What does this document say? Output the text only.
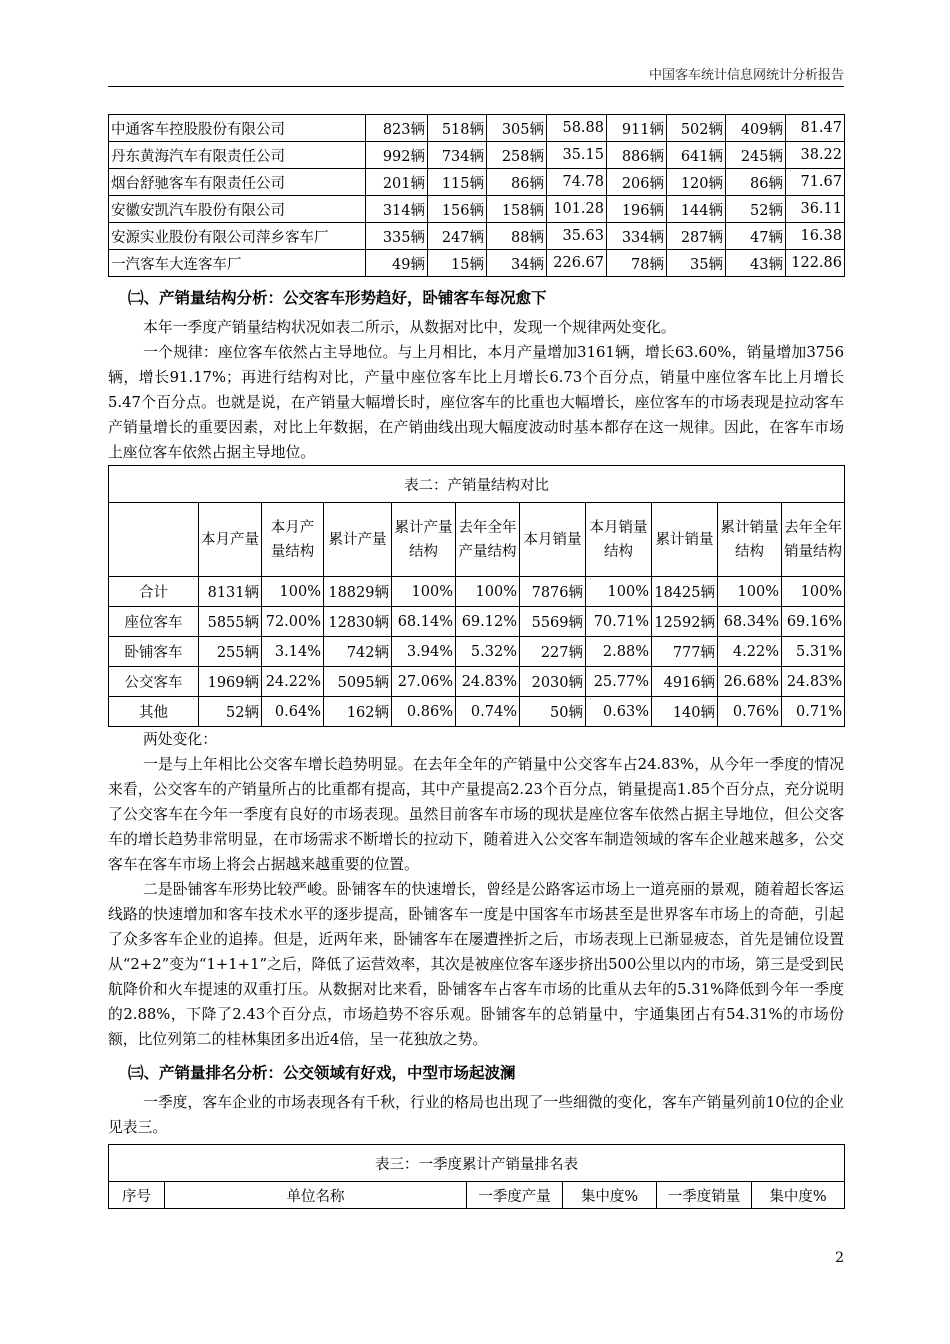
中国客车统计信息网统计分析报告
中通客车控股股份有限公司	823辆	518辆	305辆	58.88	911辆	502辆	409辆	81.47
丹东黄海汽车有限责任公司	992辆	734辆	258辆	35.15	886辆	641辆	245辆	38.22
烟台舒驰客车有限责任公司	201辆	115辆	86辆	74.78	206辆	120辆	86辆	71.67
安徽安凯汽车股份有限公司	314辆	156辆	158辆	101.28	196辆	144辆	52辆	36.11
安源实业股份有限公司萍乡客车厂	335辆	247辆	88辆	35.63	334辆	287辆	47辆	16.38
一汽客车大连客车厂	49辆	15辆	34辆	226.67	78辆	35辆	43辆	122.86
㈡、产销量结构分析：公交客车形势趋好，卧铺客车每况愈下

本年一季度产销量结构状况如表二所示，从数据对比中，发现一个规律两处变化。

一个规律：座位客车依然占主导地位。与上月相比，本月产量增加3161辆，增长63.60%，销量增加3756辆，增长91.17%；再进行结构对比，产量中座位客车比上月增长6.73个百分点，销量中座位客车比上月增长5.47个百分点。也就是说，在产销量大幅增长时，座位客车的比重也大幅增长，座位客车的市场表现是拉动客车产销量增长的重要因素，对比上年数据，在产销曲线出现大幅度波动时基本都存在这一规律。因此，在客车市场上座位客车依然占据主导地位。

表二：产销量结构对比										
	本月产量	本月产量结构	累计产量	累计产量结构	去年全年产量结构	本月销量	本月销量结构	累计销量	累计销量结构	去年全年销量结构
合计	8131辆	100%	18829辆	100%	100%	7876辆	100%	18425辆	100%	100%
座位客车	5855辆	72.00%	12830辆	68.14%	69.12%	5569辆	70.71%	12592辆	68.34%	69.16%
卧铺客车	255辆	3.14%	742辆	3.94%	5.32%	227辆	2.88%	777辆	4.22%	5.31%
公交客车	1969辆	24.22%	5095辆	27.06%	24.83%	2030辆	25.77%	4916辆	26.68%	24.83%
其他	52辆	0.64%	162辆	0.86%	0.74%	50辆	0.63%	140辆	0.76%	0.71%

两处变化：

一是与上年相比公交客车增长趋势明显。在去年全年的产销量中公交客车占24.83%，从今年一季度的情况来看，公交客车的产销量所占的比重都有提高，其中产量提高2.23个百分点，销量提高1.85个百分点，充分说明了公交客车在今年一季度有良好的市场表现。虽然目前客车市场的现状是座位客车依然占据主导地位，但公交客车的增长趋势非常明显，在市场需求不断增长的拉动下，随着进入公交客车制造领域的客车企业越来越多，公交客车在客车市场上将会占据越来越重要的位置。

二是卧铺客车形势比较严峻。卧铺客车的快速增长，曾经是公路客运市场上一道亮丽的景观，随着超长客运线路的快速增加和客车技术水平的逐步提高，卧铺客车一度是中国客车市场甚至是世界客车市场上的奇葩，引起了众多客车企业的追捧。但是，近两年来，卧铺客车在屡遭挫折之后，市场表现上已渐显疲态，首先是铺位设置从“2+2”变为“1+1+1”之后，降低了运营效率，其次是被座位客车逐步挤出500公里以内的市场，第三是受到民航降价和火车提速的双重打压。从数据对比来看，卧铺客车占客车市场的比重从去年的5.31%降低到今年一季度的2.88%，下降了2.43个百分点，市场趋势不容乐观。卧铺客车的总销量中，宇通集团占有54.31%的市场份额，比位列第二的桂林集团多出近4倍，呈一花独放之势。

㈢、产销量排名分析：公交领域有好戏，中型市场起波澜

一季度，客车企业的市场表现各有千秋，行业的格局也出现了一些细微的变化，客车产销量列前10位的企业见表三。

表三：一季度累计产销量排名表
序号	单位名称	一季度产量	集中度%	一季度销量	集中度%
2
